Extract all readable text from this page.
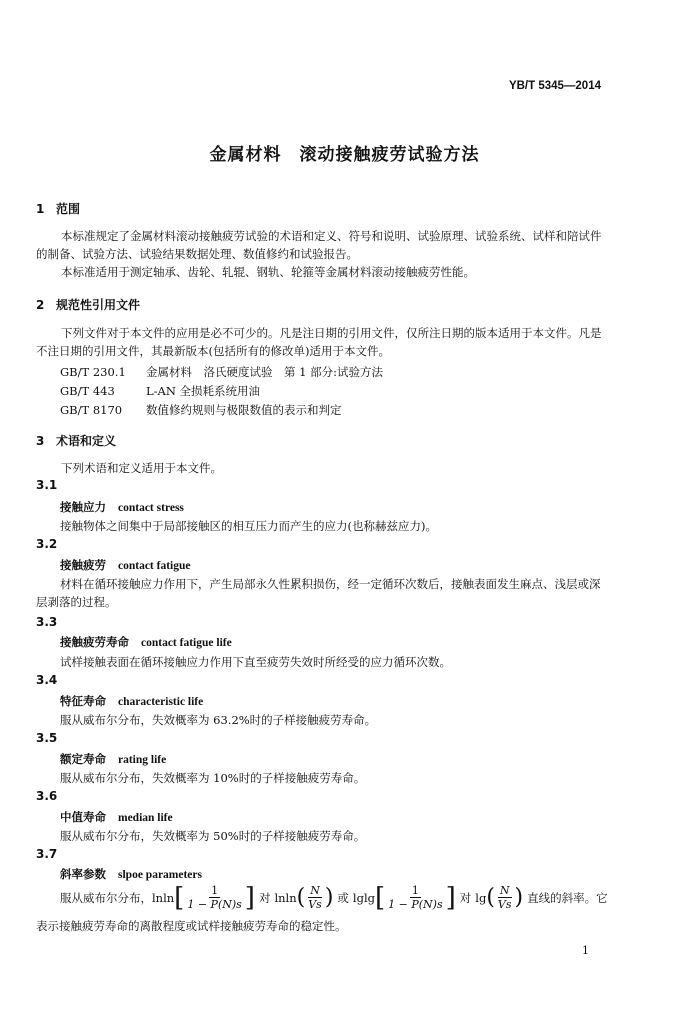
YB/T 5345—2014
金属材料　滚动接触疲劳试验方法
1 范围
本标准规定了金属材料滚动接触疲劳试验的术语和定义、符号和说明、试验原理、试验系统、试样和陪试件的制备、试验方法、试验结果数据处理、数值修约和试验报告。
本标准适用于测定轴承、齿轮、轧辊、钢轨、轮箍等金属材料滚动接触疲劳性能。
2 规范性引用文件
下列文件对于本文件的应用是必不可少的。凡是注日期的引用文件，仅所注日期的版本适用于本文件。凡是不注日期的引用文件，其最新版本(包括所有的修改单)适用于本文件。
GB/T 230.1 金属材料　洛氏硬度试验　第 1 部分:试验方法
GB/T 443	L-AN 全损耗系统用油
GB/T 8170 数值修约规则与极限数值的表示和判定
3 术语和定义
下列术语和定义适用于本文件。
3.1
接触应力 contact stress
接触物体之间集中于局部接触区的相互压力而产生的应力(也称赫兹应力)。
3.2
接触疲劳 contact fatigue
材料在循环接触应力作用下，产生局部永久性累积损伤，经一定循环次数后，接触表面发生麻点、浅层或深层剥落的过程。
3.3
接触疲劳寿命 contact fatigue life
试样接触表面在循环接触应力作用下直至疲劳失效时所经受的应力循环次数。
3.4
特征寿命 characteristic life
服从威布尔分布，失效概率为 63.2%时的子样接触疲劳寿命。
3.5
额定寿命 rating life
服从威布尔分布，失效概率为 10%时的子样接触疲劳寿命。
3.6
中值寿命 median life
服从威布尔分布，失效概率为 50%时的子样接触疲劳寿命。
3.7
斜率参数 slpoe parameters
服从威布尔分布， lnln [ $\frac{1}{1 - P(N)s}$ ] 对 lnln ( $\frac{N}{Vs}$ ) 或 lglg [ $\frac{1}{1 - P(N)s}$ ] 对 lg ( $\frac{N}{Vs}$ ) 直线的斜率。它
表示接触疲劳寿命的离散程度或试样接触疲劳寿命的稳定性。
1
